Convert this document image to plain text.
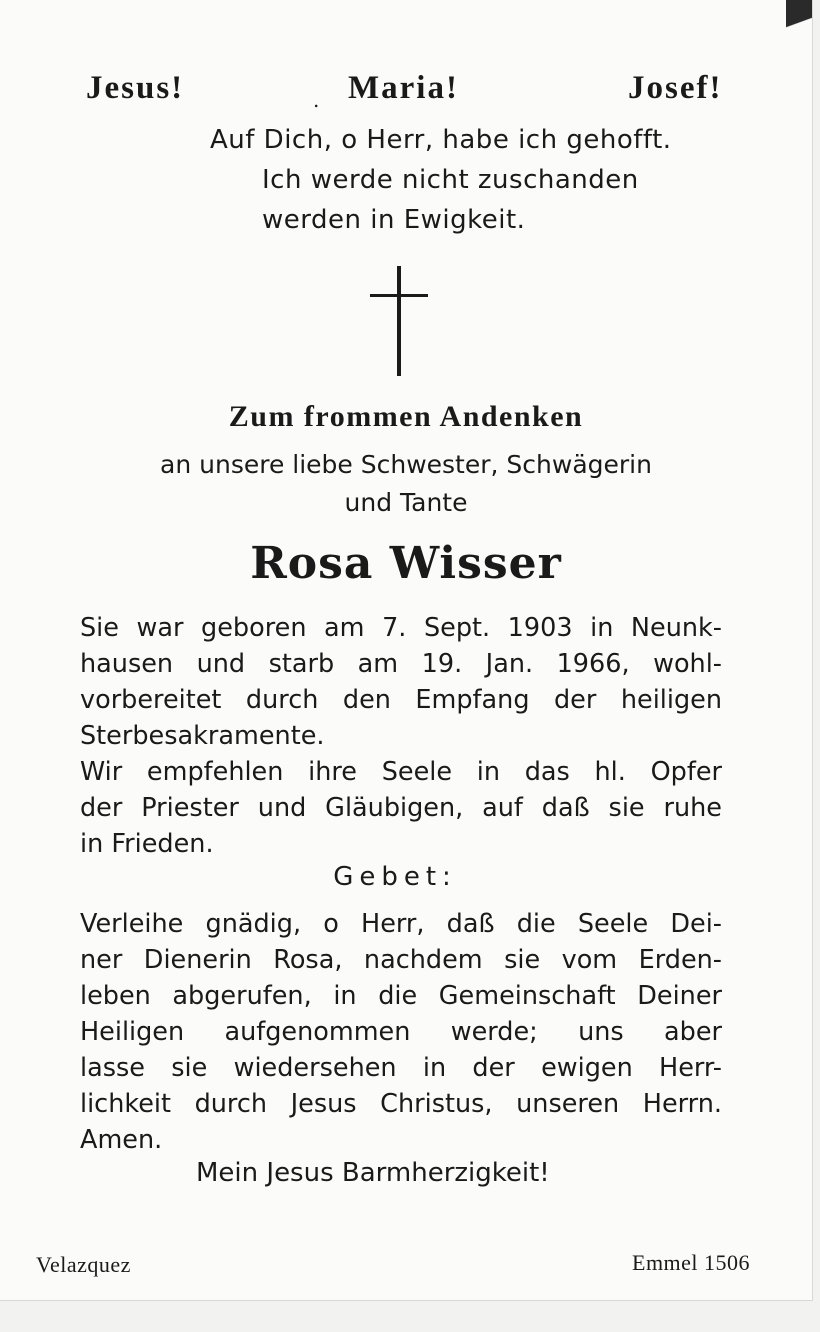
Jesus!	. Maria!	Josef!
Auf Dich, o Herr, habe ich gehofft.
Ich werde nicht zuschanden
werden in Ewigkeit.
Zum frommen Andenken
an unsere liebe Schwester, Schwägerin
und Tante
Rosa Wisser
Sie war geboren am 7. Sept. 1903 in Neunk-
hausen und starb am 19. Jan. 1966, wohl-
vorbereitet durch den Empfang der heiligen
Sterbesakramente.
Wir empfehlen ihre Seele in das hl. Opfer
der Priester und Gläubigen, auf daß sie ruhe
in Frieden.
Gebet:
Verleihe gnädig, o Herr, daß die Seele Dei-
ner Dienerin Rosa, nachdem sie vom Erden-
leben abgerufen, in die Gemeinschaft Deiner
Heiligen aufgenommen werde; uns aber
lasse sie wiedersehen in der ewigen Herr-
lichkeit durch Jesus Christus, unseren Herrn.
Amen.
Mein Jesus Barmherzigkeit!
Velazquez	Emmel 1506
